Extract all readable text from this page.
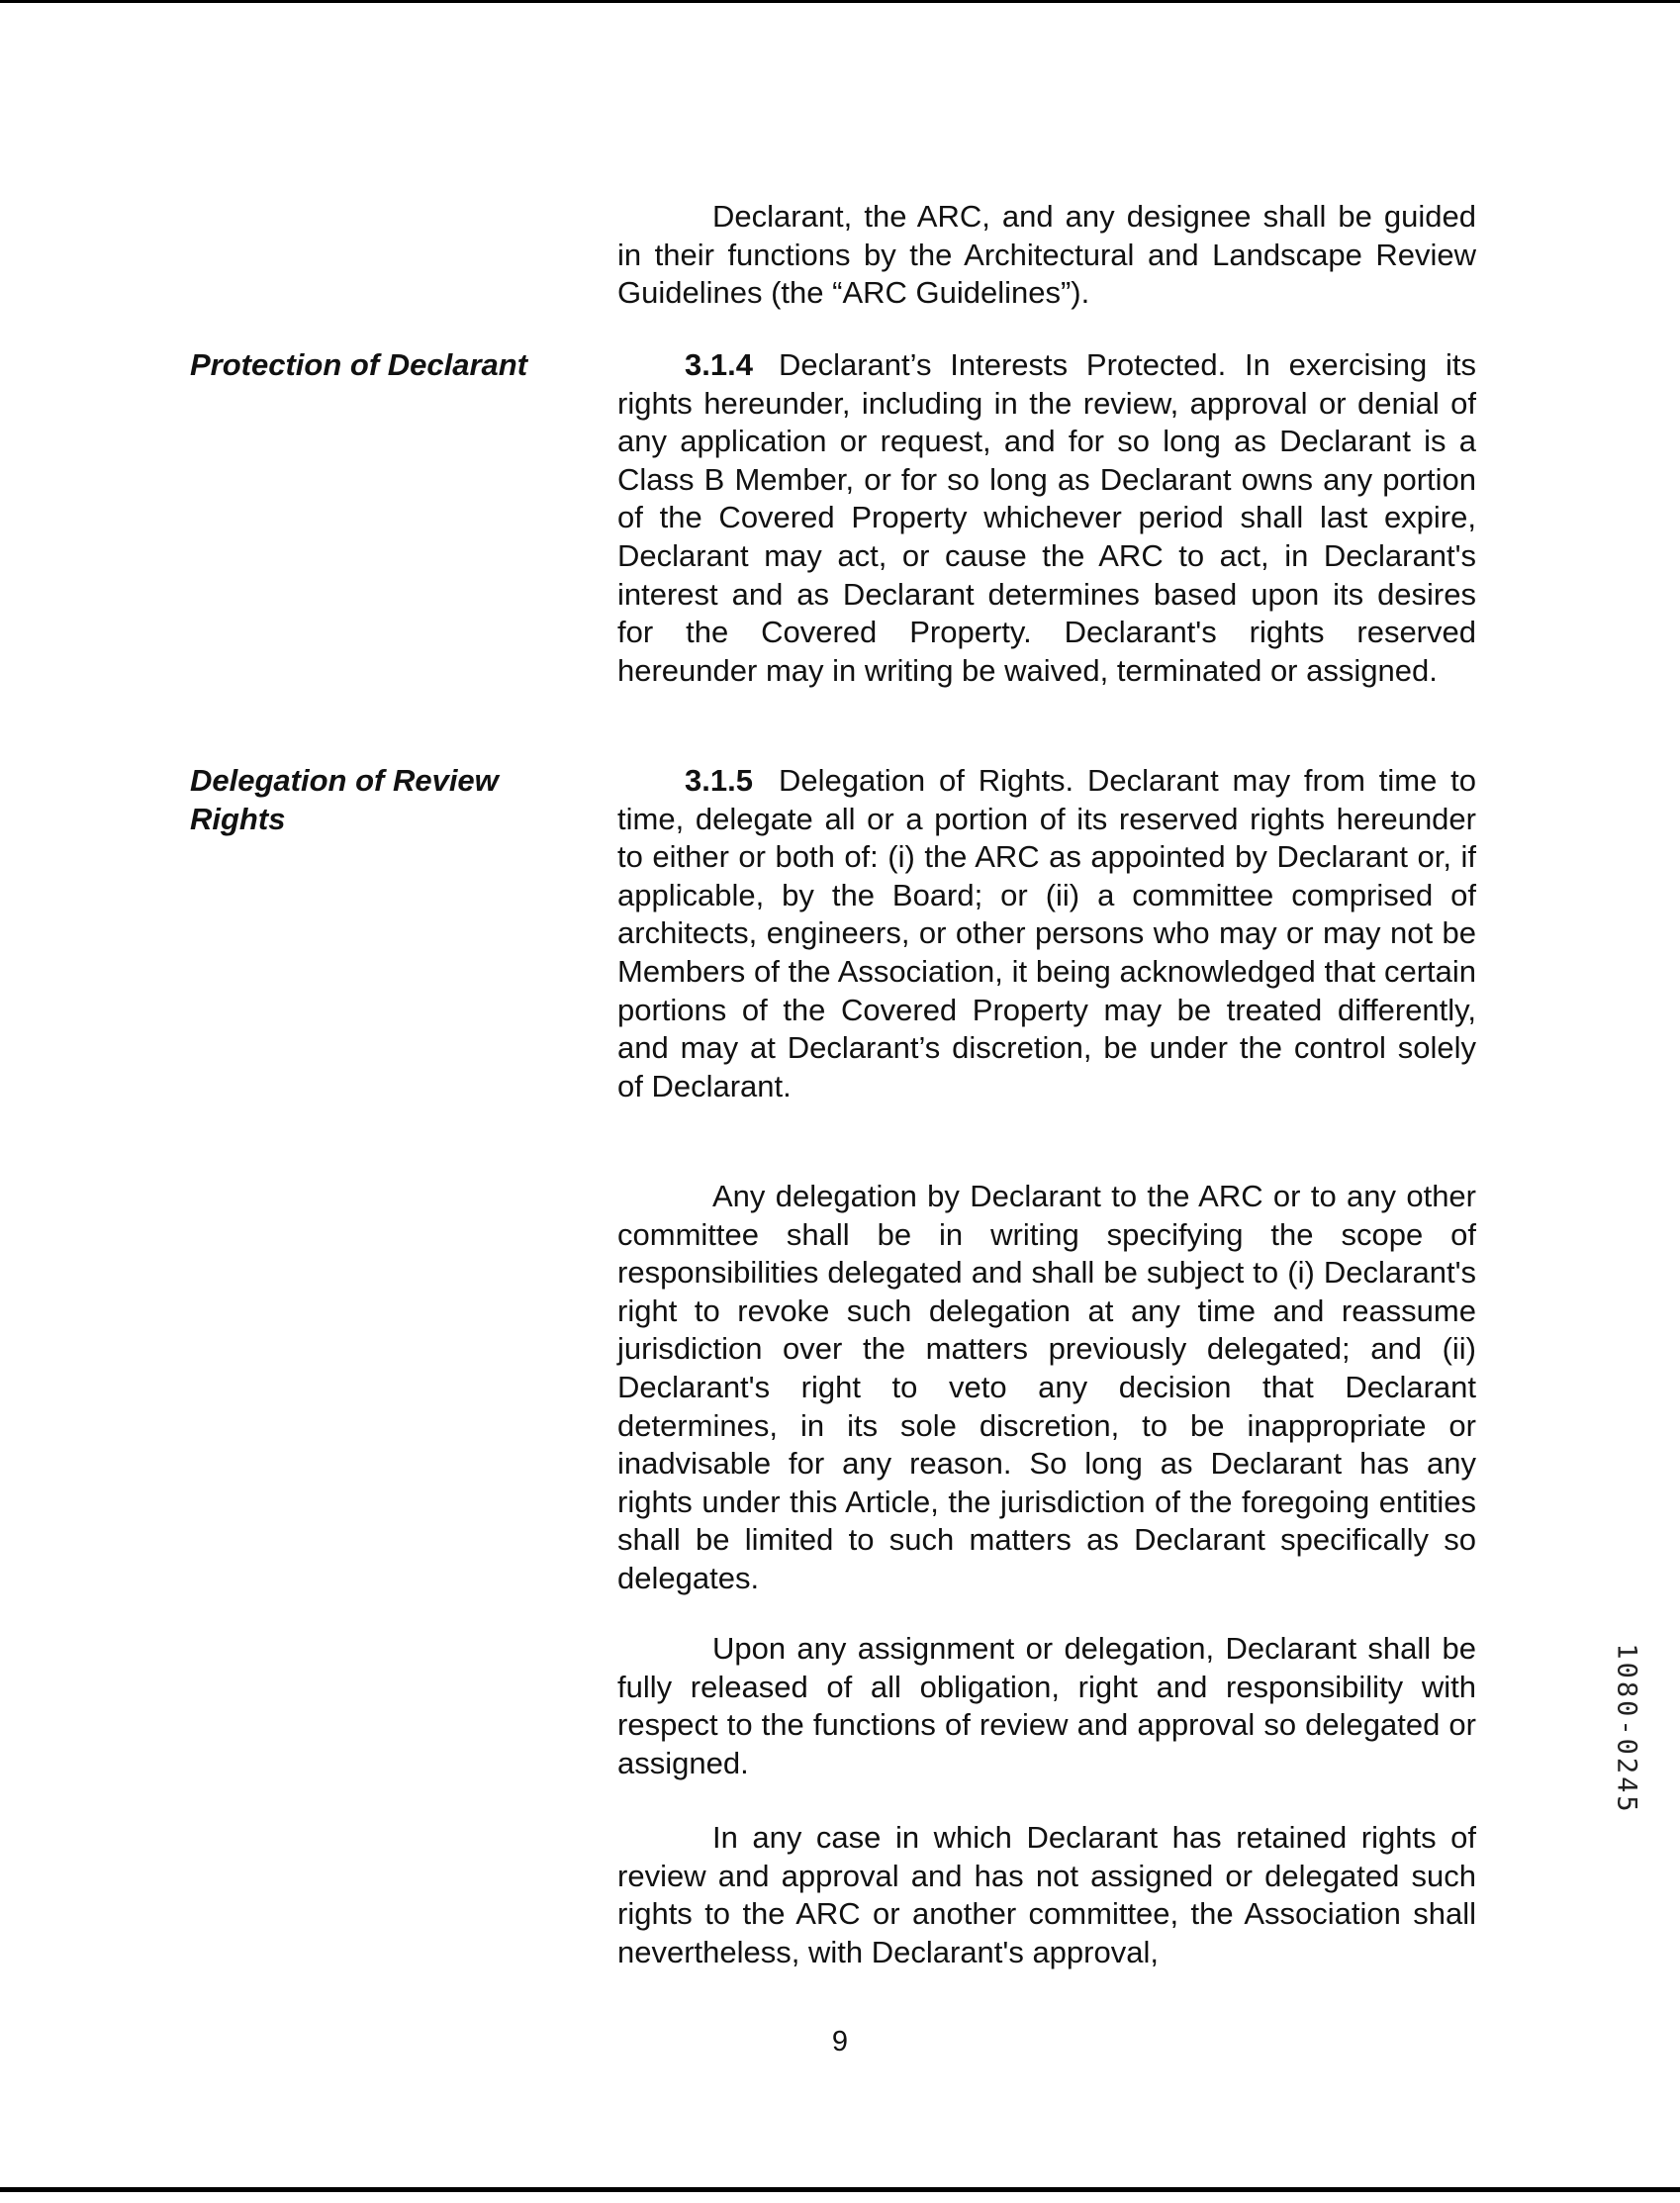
Declarant, the ARC, and any designee shall be guided in their functions by the Architectural and Landscape Review Guidelines (the “ARC Guidelines”).

Protection of Declarant	3.1.4 Declarant’s Interests Protected. In exercising its rights hereunder, including in the review, approval or denial of any application or request, and for so long as Declarant is a Class B Member, or for so long as Declarant owns any portion of the Covered Property whichever period shall last expire, Declarant may act, or cause the ARC to act, in Declarant's interest and as Declarant determines based upon its desires for the Covered Property. Declarant's rights reserved hereunder may in writing be waived, terminated or assigned.

Delegation of Review
Rights

3.1.5 Delegation of Rights. Declarant may from time to time, delegate all or a portion of its reserved rights hereunder to either or both of: (i) the ARC as appointed by Declarant or, if applicable, by the Board; or (ii) a committee comprised of architects, engineers, or other persons who may or may not be Members of the Association, it being acknowledged that certain portions of the Covered Property may be treated differently, and may at Declarant’s discretion, be under the control solely of Declarant.

Any delegation by Declarant to the ARC or to any other committee shall be in writing specifying the scope of responsibilities delegated and shall be subject to (i) Declarant's right to revoke such delegation at any time and reassume jurisdiction over the matters previously delegated; and (ii) Declarant's right to veto any decision that Declarant determines, in its sole discretion, to be inappropriate or inadvisable for any reason. So long as Declarant has any rights under this Article, the jurisdiction of the foregoing entities shall be limited to such matters as Declarant specifically so delegates.

Upon any assignment or delegation, Declarant shall be fully released of all obligation, right and responsibility with respect to the functions of review and approval so delegated or assigned.

In any case in which Declarant has retained rights of review and approval and has not assigned or delegated such rights to the ARC or another committee, the Association shall nevertheless, with Declarant's approval,

9

1080-0245
